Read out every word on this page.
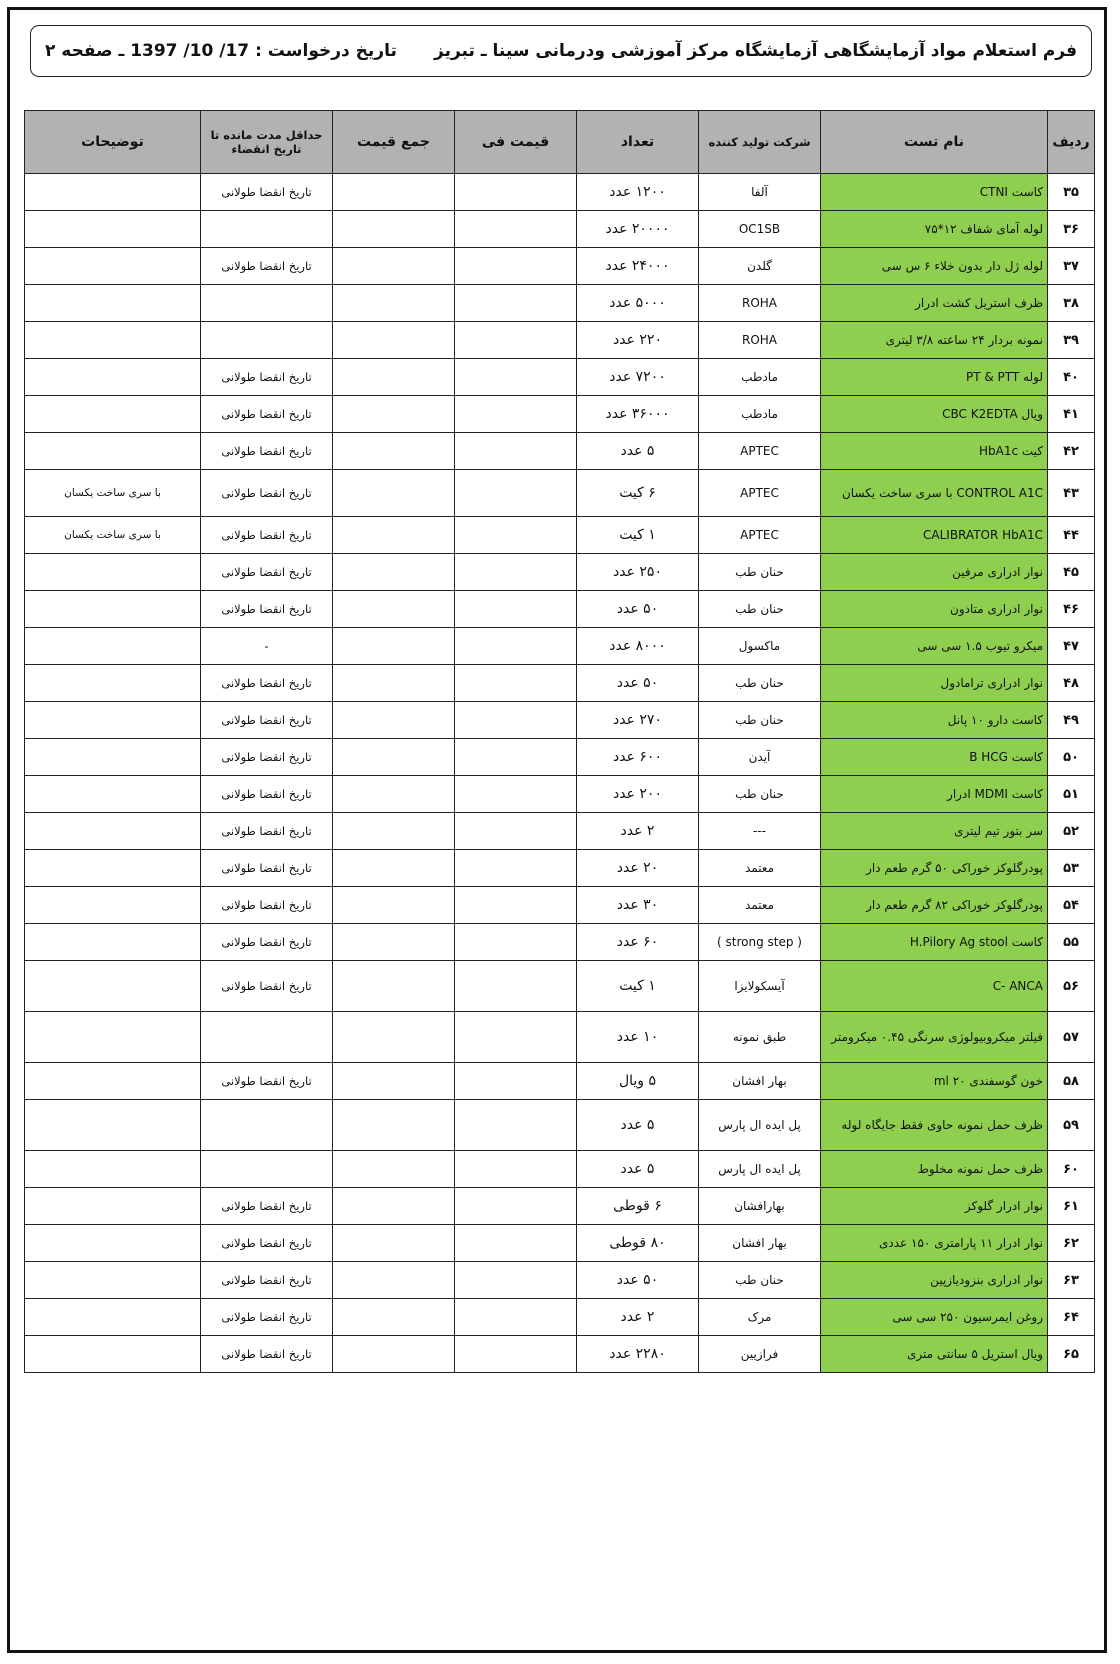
فرم استعلام مواد آزمایشگاهی آزمایشگاه مرکز آموزشی ودرمانی سینا ـ تبریز
تاریخ درخواست : 17/ 10/ 1397 ـ صفحه ۲
ردیف	نام تست	شرکت تولید کننده	تعداد	قیمت فی	جمع قیمت	حداقل مدت مانده تا تاریخ انقضاء	توضیحات
۳۵	کاست CTNI	آلفا	۱۲۰۰ عدد			تاریخ انقضا طولانی	
۳۶	لوله آمای شفاف ۱۲*۷۵	OC1SB	۲۰۰۰۰ عدد				
۳۷	لوله ژل دار بدون خلاء ۶ س سی	گلدن	۲۴۰۰۰ عدد			تاریخ انقضا طولانی	
۳۸	ظرف استریل کشت ادرار	ROHA	۵۰۰۰ عدد				
۳۹	نمونه بردار ۲۴ ساعته ۳/۸ لیتری	ROHA	۲۲۰ عدد				
۴۰	لوله PT & PTT	مادطب	۷۲۰۰ عدد			تاریخ انقضا طولانی	
۴۱	ویال CBC K2EDTA	مادطب	۳۶۰۰۰ عدد			تاریخ انقضا طولانی	
۴۲	کیت HbA1c	APTEC	۵ عدد			تاریخ انقضا طولانی	
۴۳	CONTROL A1C با سری ساخت یکسان	APTEC	۶ کیت			تاریخ انقضا طولانی	با سری ساخت یکسان
۴۴	CALIBRATOR HbA1C	APTEC	۱ کیت			تاریخ انقضا طولانی	با سری ساخت یکسان
۴۵	نوار ادراری مرفین	حنان طب	۲۵۰ عدد			تاریخ انقضا طولانی	
۴۶	نوار ادراری متادون	حنان طب	۵۰ عدد			تاریخ انقضا طولانی	
۴۷	میکرو تیوب ۱.۵ سی سی	ماکسول	۸۰۰۰ عدد			-	
۴۸	نوار ادراری ترامادول	حنان طب	۵۰ عدد			تاریخ انقضا طولانی	
۴۹	کاست دارو ۱۰ پانل	حنان طب	۲۷۰ عدد			تاریخ انقضا طولانی	
۵۰	کاست B HCG	آیدن	۶۰۰ عدد			تاریخ انقضا طولانی	
۵۱	کاست MDMI ادرار	حنان طب	۲۰۰ عدد			تاریخ انقضا طولانی	
۵۲	سر بتور تیم لیتری	---	۲ عدد			تاریخ انقضا طولانی	
۵۳	پودرگلوکز خوراکی ۵۰ گرم طعم دار	معتمد	۲۰ عدد			تاریخ انقضا طولانی	
۵۴	پودرگلوکز خوراکی ۸۲ گرم طعم دار	معتمد	۳۰ عدد			تاریخ انقضا طولانی	
۵۵	کاست H.Pilory Ag stool	( strong step )	۶۰ عدد			تاریخ انقضا طولانی	
۵۶	C- ANCA	آیسکولایزا	۱ کیت			تاریخ انقضا طولانی	
۵۷	فیلتر میکروبیولوژی سرنگی ۰.۴۵ میکرومتر	طبق نمونه	۱۰ عدد				
۵۸	خون گوسفندی ۲۰ ml	بهار افشان	۵ ویال			تاریخ انقضا طولانی	
۵۹	ظرف حمل نمونه حاوی فقط جایگاه لوله	پل ایده ال پارس	۵ عدد				
۶۰	ظرف حمل نمونه مخلوط	پل ایده ال پارس	۵ عدد				
۶۱	نوار ادرار گلوکز	بهارافشان	۶ قوطی			تاریخ انقضا طولانی	
۶۲	نوار ادرار ۱۱ پارامتری ۱۵۰ عددی	بهار افشان	۸۰ قوطی			تاریخ انقضا طولانی	
۶۳	نوار ادراری بنزودیازپین	حنان طب	۵۰ عدد			تاریخ انقضا طولانی	
۶۴	روغن ایمرسیون ۲۵۰ سی سی	مرک	۲ عدد			تاریخ انقضا طولانی	
۶۵	ویال استریل ۵ سانتی متری	فرازیین	۲۲۸۰ عدد			تاریخ انقضا طولانی	
